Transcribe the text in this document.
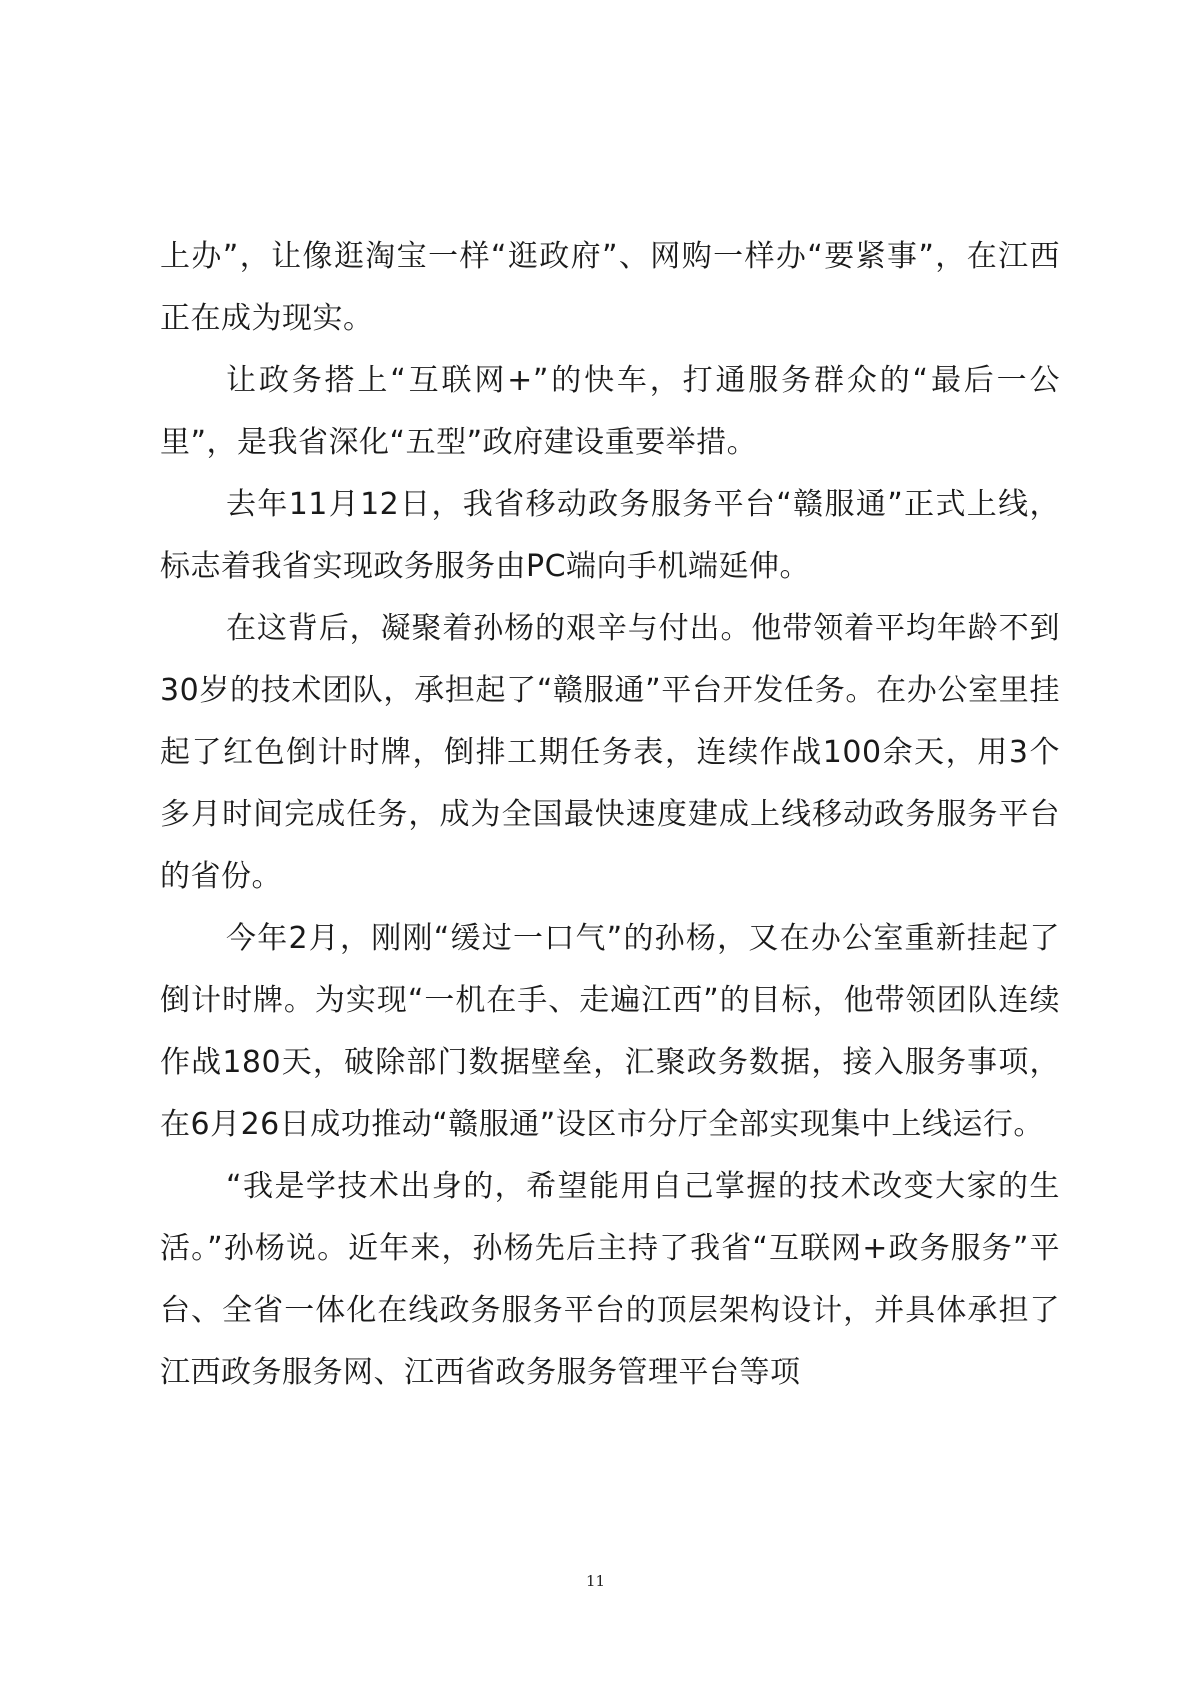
上办”，让像逛淘宝一样“逛政府”、网购一样办“要紧事”，在江西正在成为现实。

让政务搭上“互联网+”的快车，打通服务群众的“最后一公里”，是我省深化“五型”政府建设重要举措。

去年11月12日，我省移动政务服务平台“赣服通”正式上线，标志着我省实现政务服务由PC端向手机端延伸。

在这背后，凝聚着孙杨的艰辛与付出。他带领着平均年龄不到30岁的技术团队，承担起了“赣服通”平台开发任务。在办公室里挂起了红色倒计时牌，倒排工期任务表，连续作战100余天，用3个多月时间完成任务，成为全国最快速度建成上线移动政务服务平台的省份。

今年2月，刚刚“缓过一口气”的孙杨，又在办公室重新挂起了倒计时牌。为实现“一机在手、走遍江西”的目标，他带领团队连续作战180天，破除部门数据壁垒，汇聚政务数据，接入服务事项，在6月26日成功推动“赣服通”设区市分厅全部实现集中上线运行。

“我是学技术出身的，希望能用自己掌握的技术改变大家的生活。”孙杨说。近年来，孙杨先后主持了我省“互联网+政务服务”平台、全省一体化在线政务服务平台的顶层架构设计，并具体承担了江西政务服务网、江西省政务服务管理平台等项

11
